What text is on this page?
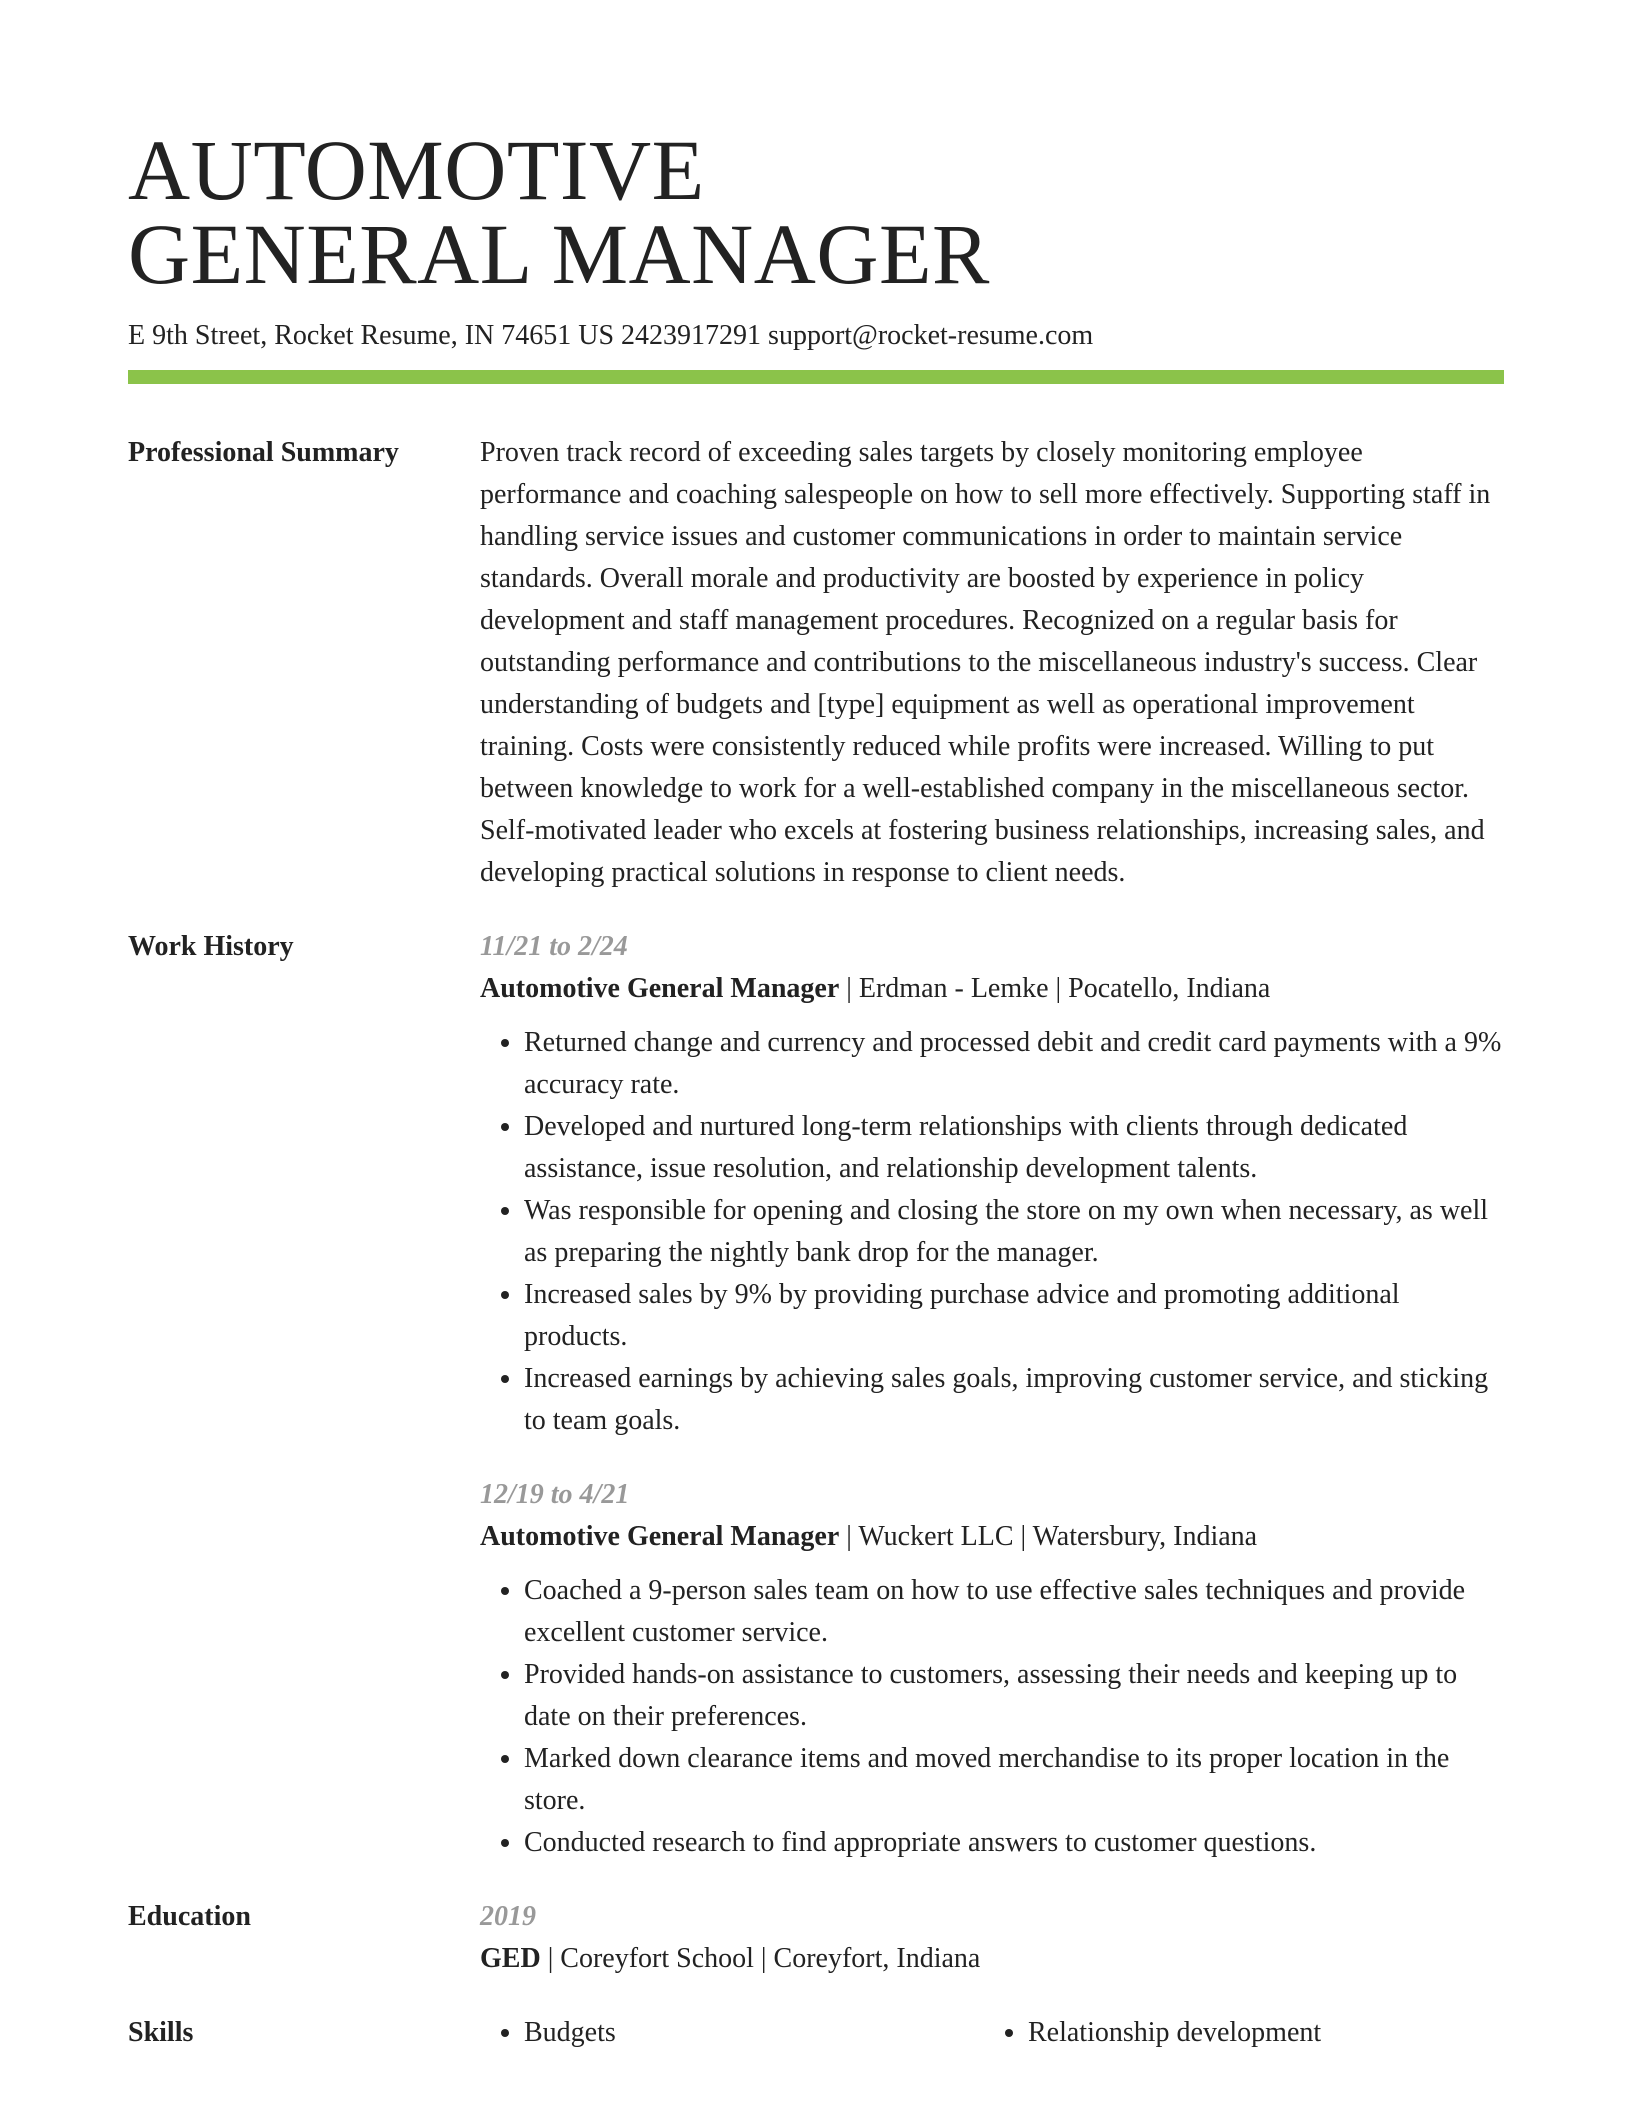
AUTOMOTIVE
GENERAL MANAGER
E 9th Street, Rocket Resume, IN 74651 US 2423917291 support@rocket-resume.com
Professional Summary	Proven track record of exceeding sales targets by closely monitoring employee performance and coaching salespeople on how to sell more effectively. Supporting staff in handling service issues and customer communications in order to maintain service standards. Overall morale and productivity are boosted by experience in policy development and staff management procedures. Recognized on a regular basis for outstanding performance and contributions to the miscellaneous industry's success. Clear understanding of budgets and [type] equipment as well as operational improvement training. Costs were consistently reduced while profits were increased. Willing to put between knowledge to work for a well-established company in the miscellaneous sector. Self-motivated leader who excels at fostering business relationships, increasing sales, and developing practical solutions in response to client needs.

Work History	11/21 to 2/24
Automotive General Manager | Erdman - Lemke | Pocatello, Indiana
• Returned change and currency and processed debit and credit card payments with a 9% accuracy rate.
• Developed and nurtured long-term relationships with clients through dedicated assistance, issue resolution, and relationship development talents.
• Was responsible for opening and closing the store on my own when necessary, as well as preparing the nightly bank drop for the manager.
• Increased sales by 9% by providing purchase advice and promoting additional products.
• Increased earnings by achieving sales goals, improving customer service, and sticking to team goals.
12/19 to 4/21
Automotive General Manager | Wuckert LLC | Watersbury, Indiana
• Coached a 9-person sales team on how to use effective sales techniques and provide excellent customer service.
• Provided hands-on assistance to customers, assessing their needs and keeping up to date on their preferences.
• Marked down clearance items and moved merchandise to its proper location in the store.
• Conducted research to find appropriate answers to customer questions.
Education	2019
GED | Coreyfort School | Coreyfort, Indiana
Skills	• Budgets	• Relationship development
